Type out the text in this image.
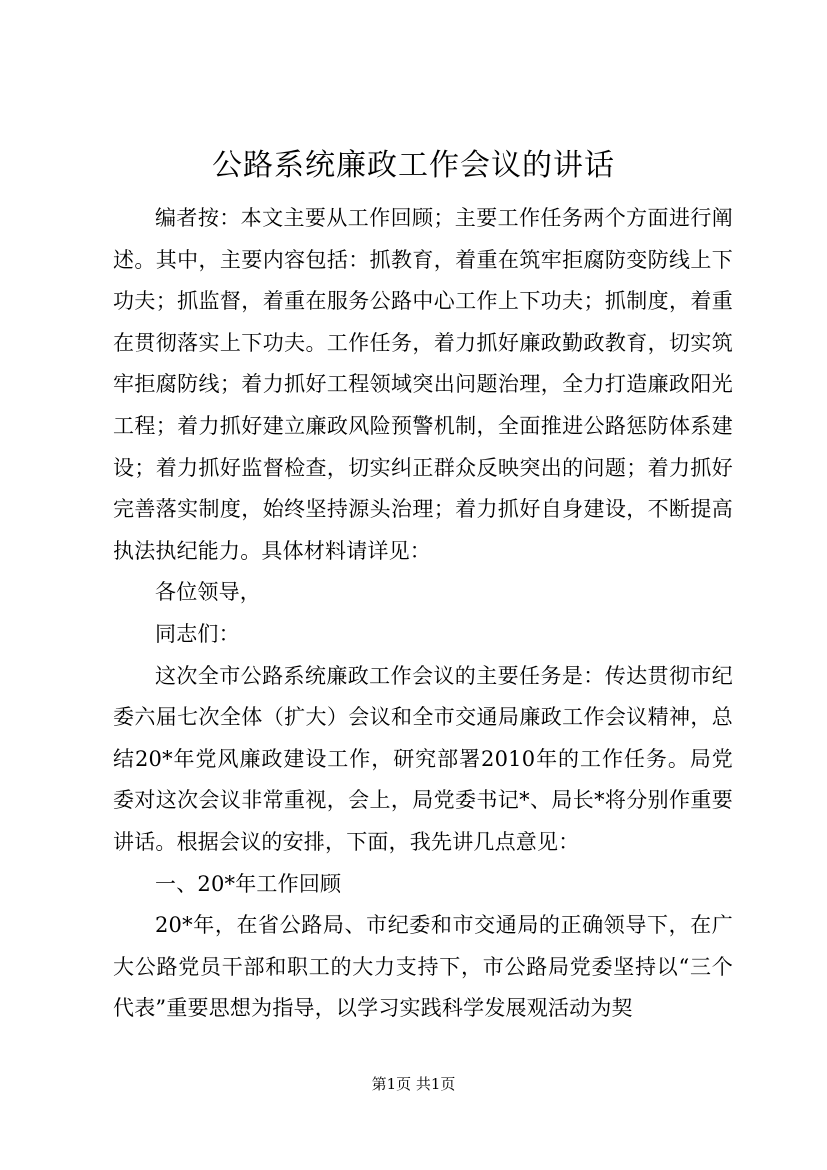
公路系统廉政工作会议的讲话

编者按：本文主要从工作回顾；主要工作任务两个方面进行阐述。其中，主要内容包括：抓教育，着重在筑牢拒腐防变防线上下功夫；抓监督，着重在服务公路中心工作上下功夫；抓制度，着重在贯彻落实上下功夫。工作任务，着力抓好廉政勤政教育，切实筑牢拒腐防线；着力抓好工程领域突出问题治理，全力打造廉政阳光工程；着力抓好建立廉政风险预警机制，全面推进公路惩防体系建设；着力抓好监督检查，切实纠正群众反映突出的问题；着力抓好完善落实制度，始终坚持源头治理；着力抓好自身建设，不断提高执法执纪能力。具体材料请详见：

各位领导，

同志们：

这次全市公路系统廉政工作会议的主要任务是：传达贯彻市纪委六届七次全体（扩大）会议和全市交通局廉政工作会议精神，总结20*年党风廉政建设工作，研究部署2010年的工作任务。局党委对这次会议非常重视，会上，局党委书记*、局长*将分别作重要讲话。根据会议的安排，下面，我先讲几点意见：

一、20*年工作回顾

20*年，在省公路局、市纪委和市交通局的正确领导下，在广大公路党员干部和职工的大力支持下，市公路局党委坚持以“三个代表”重要思想为指导，以学习实践科学发展观活动为契

第1页 共1页
